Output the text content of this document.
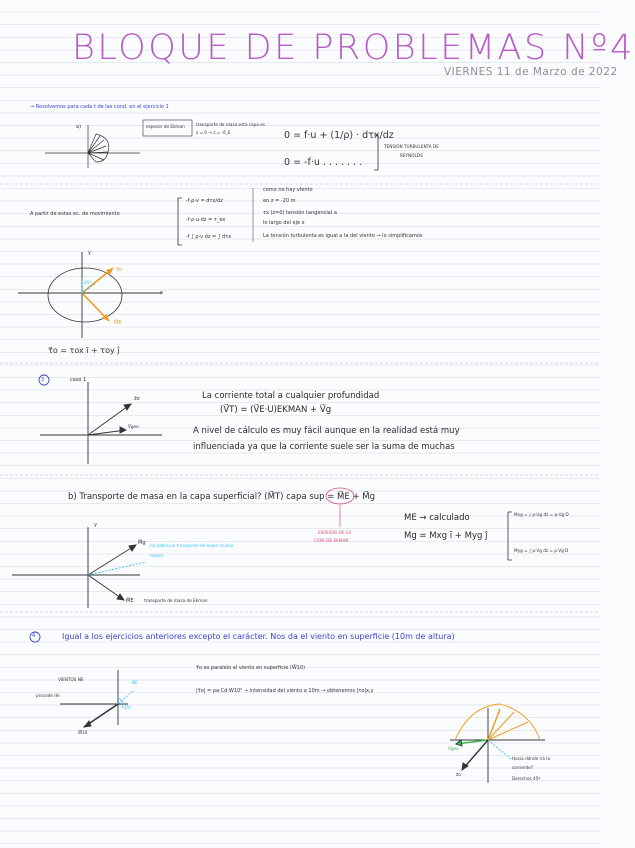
BLOQUE DE PROBLEMAS Nº4
VIERNES 11 de Marzo de 2022
→ Resolvemos para cada t de las cond. en el ejercicio 1
a)	espesor de Ekman	transporte de masa esta capa es
z = 0 → z = -δ_E	0 = f·u + (1/ρ) · dτx/dz
0 = -f·u . . . . . . .
TENSIÓN TURBULENTA DE
REYNOLDS
A partir de estas ec. de movimiento
-f·ρ·v = dτx/dz
-f·ρ·u·dz = τ_ex
-f ∫ ρ·v dz = ∫ dτx
como no hay viento
en z = -20 m
τx (z=0) tensión tangencial a
lo largo del eje x
La tensión turbulenta es igual a la del viento → lo simplificamos
y
x
τ⃗o
M⃗E
45º
τ⃗o = τox ĩ + τoy ĵ
3	caso 1
z⃗o
V⃗geo
La corriente total a cualquier profundidad
(V⃗T) = (V⃗E·U)EKMAN + V⃗g
A nivel de cálculo es muy fácil aunque en la realidad está muy
influenciada ya que la corriente suele ser la suma de muchas
b) Transporte de masa en la capa superficial? (M⃗T) capa sup = M⃗E + M⃗g
ESPESOR DE LA
CAPA DE EKMAN
ME → calculado
Mg = Mxg ĩ + Myg ĵ
Mxg = ∫ ρ·Ug dz = ρ·Ug·D
Myg = ∫ ρ·Vg dz = ρ·Vg·D
y
M⃗g no habrá un transporte de masa mucho
mayor
M⃗E	transporte de masa de Ekman
4	Igual a los ejercicios anteriores excepto el carácter. Nos da el viento en superficie (10m de altura)
VIENTOS NE
procede de
NE
45º
W⃗10
τ⃗o es paralelo al viento en superficie (W⃗10)
|τ⃗o| = ρa·Cd·W10² → intensidad del viento a 10m → obtenemos |τo|x,y
Vgeo
z⃗o
Hacia dónde irá la
corriente?
Derechos 45º
